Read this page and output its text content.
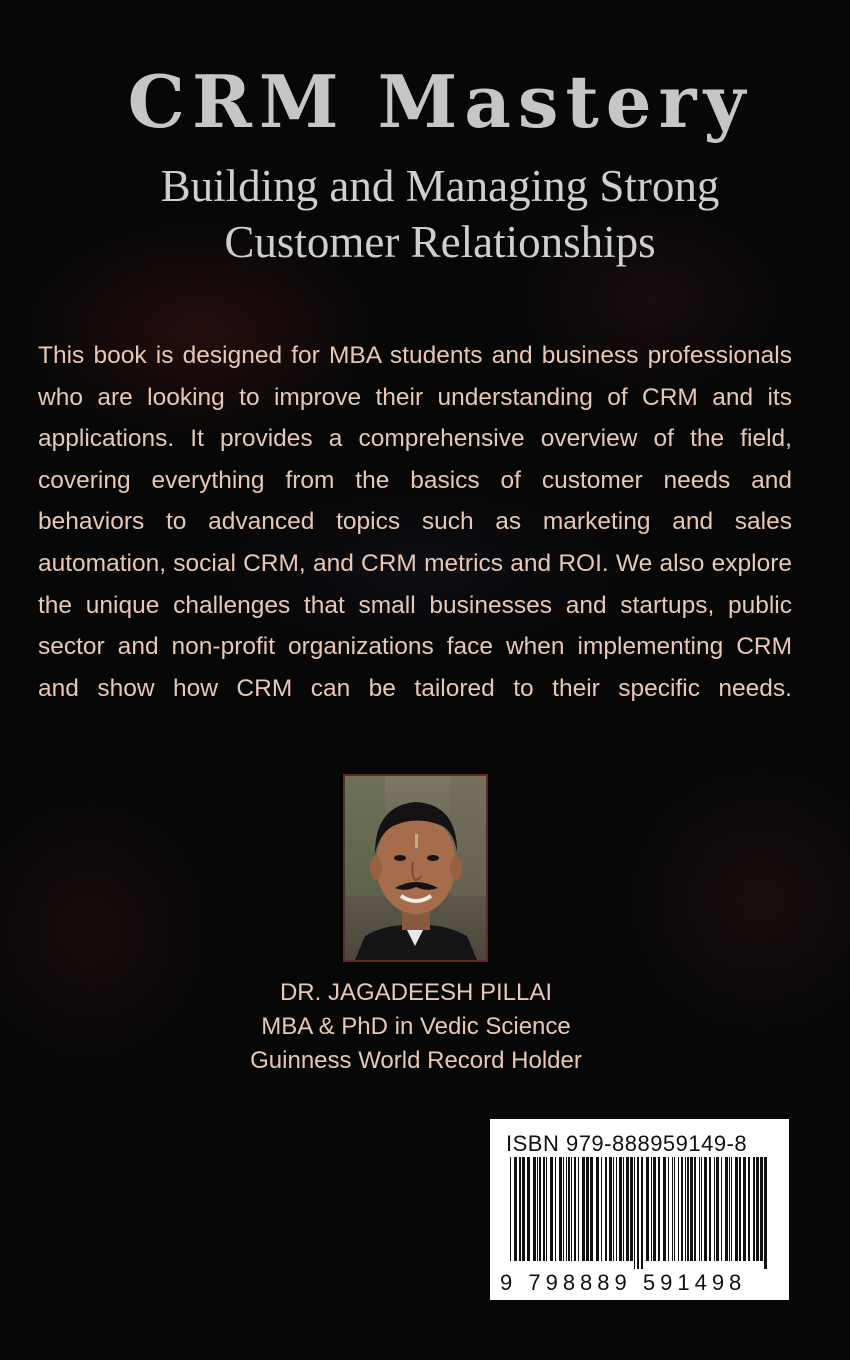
CRM Mastery
Building and Managing Strong
Customer Relationships

This book is designed for MBA students and business professionals who are looking to improve their understanding of CRM and its applications. It provides a comprehensive overview of the field, covering everything from the basics of customer needs and behaviors to advanced topics such as marketing and sales automation, social CRM, and CRM metrics and ROI. We also explore the unique challenges that small businesses and startups, public sector and non-profit organizations face when implementing CRM and show how CRM can be tailored to their specific needs.

DR. JAGADEESH PILLAI
MBA & PhD in Vedic Science
Guinness World Record Holder
ISBN 979-888959149-8
9 798889 591498
